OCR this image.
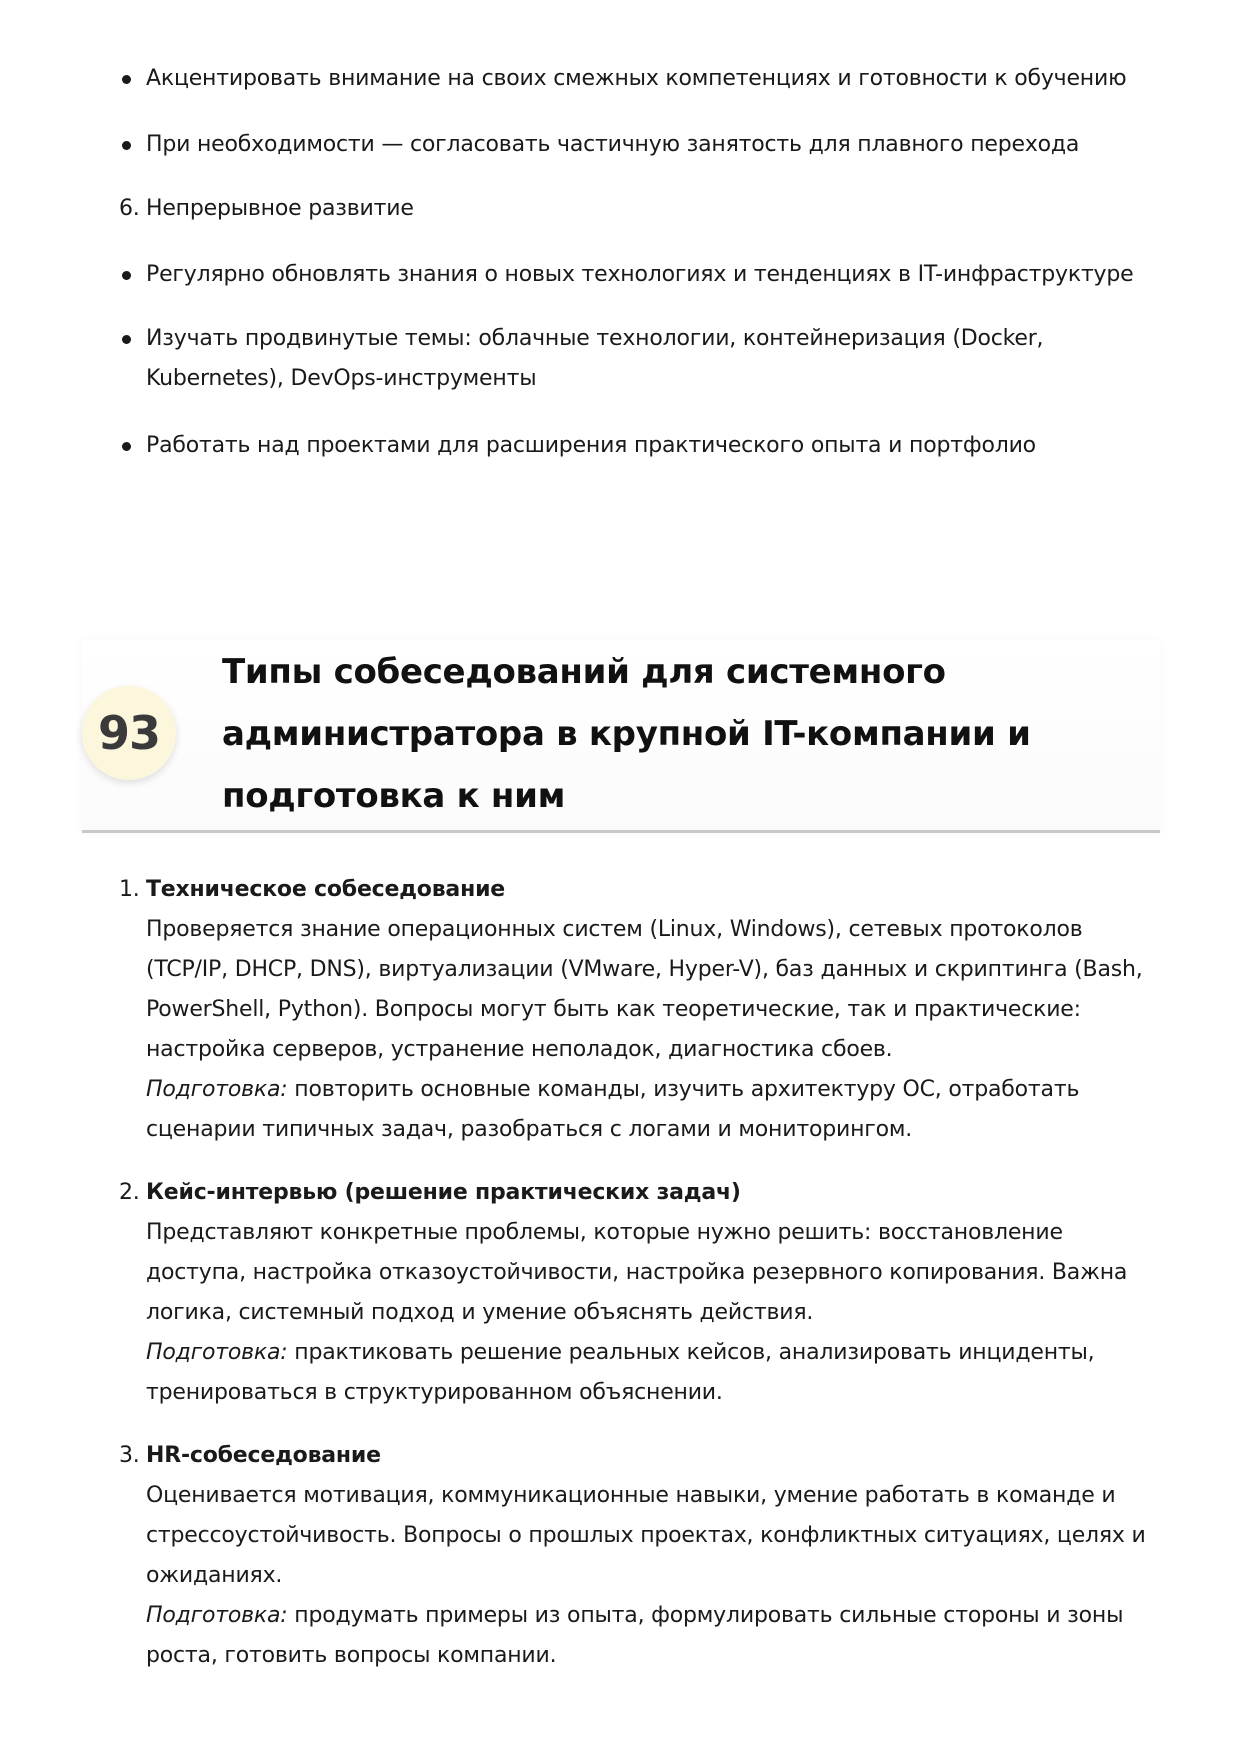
Акцентировать внимание на своих смежных компетенциях и готовности к обучению
При необходимости — согласовать частичную занятость для плавного перехода
6. Непрерывное развитие
Регулярно обновлять знания о новых технологиях и тенденциях в IT-инфраструктуре
Изучать продвинутые темы: облачные технологии, контейнеризация (Docker, Kubernetes), DevOps-инструменты
Работать над проектами для расширения практического опыта и портфолио
93
Типы собеседований для системного администратора в крупной IT-компании и подготовка к ним
1. Техническое собеседование
Проверяется знание операционных систем (Linux, Windows), сетевых протоколов (TCP/IP, DHCP, DNS), виртуализации (VMware, Hyper-V), баз данных и скриптинга (Bash, PowerShell, Python). Вопросы могут быть как теоретические, так и практические: настройка серверов, устранение неполадок, диагностика сбоев.
Подготовка: повторить основные команды, изучить архитектуру ОС, отработать сценарии типичных задач, разобраться с логами и мониторингом.
2. Кейс-интервью (решение практических задач)
Представляют конкретные проблемы, которые нужно решить: восстановление доступа, настройка отказоустойчивости, настройка резервного копирования. Важна логика, системный подход и умение объяснять действия.
Подготовка: практиковать решение реальных кейсов, анализировать инциденты, тренироваться в структурированном объяснении.
3. HR-собеседование
Оценивается мотивация, коммуникационные навыки, умение работать в команде и стрессоустойчивость. Вопросы о прошлых проектах, конфликтных ситуациях, целях и ожиданиях.
Подготовка: продумать примеры из опыта, формулировать сильные стороны и зоны роста, готовить вопросы компании.
